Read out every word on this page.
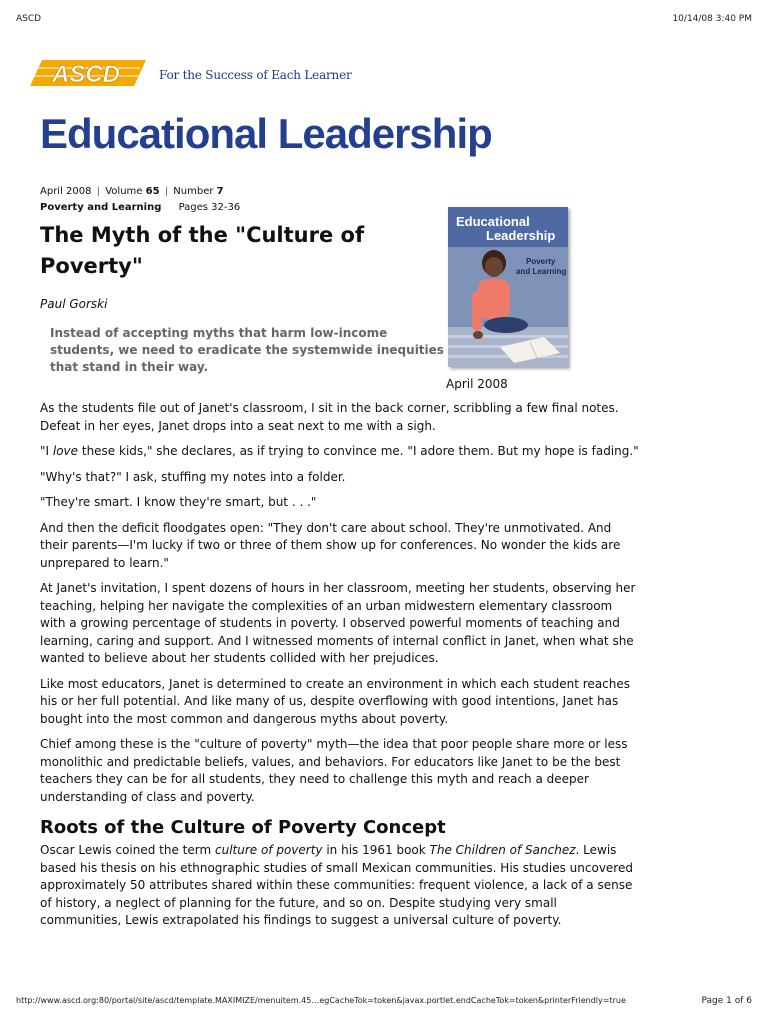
ASCD	10/14/08 3:40 PM
ASCD	For the Success of Each Learner
Educational Leadership
April 2008 | Volume 65 | Number 7
Poverty and Learning Pages 32-36
Educational
Leadership
Poverty
and Learning
April 2008
The Myth of the "Culture of Poverty"
Paul Gorski

Instead of accepting myths that harm low-income students, we need to eradicate the systemwide inequities that stand in their way.

As the students file out of Janet's classroom, I sit in the back corner, scribbling a few final notes. Defeat in her eyes, Janet drops into a seat next to me with a sigh.

"I love these kids," she declares, as if trying to convince me. "I adore them. But my hope is fading."

"Why's that?" I ask, stuffing my notes into a folder.

"They're smart. I know they're smart, but . . ."

And then the deficit floodgates open: "They don't care about school. They're unmotivated. And their parents—I'm lucky if two or three of them show up for conferences. No wonder the kids are unprepared to learn."

At Janet's invitation, I spent dozens of hours in her classroom, meeting her students, observing her teaching, helping her navigate the complexities of an urban midwestern elementary classroom with a growing percentage of students in poverty. I observed powerful moments of teaching and learning, caring and support. And I witnessed moments of internal conflict in Janet, when what she wanted to believe about her students collided with her prejudices.

Like most educators, Janet is determined to create an environment in which each student reaches his or her full potential. And like many of us, despite overflowing with good intentions, Janet has bought into the most common and dangerous myths about poverty.

Chief among these is the "culture of poverty" myth—the idea that poor people share more or less monolithic and predictable beliefs, values, and behaviors. For educators like Janet to be the best teachers they can be for all students, they need to challenge this myth and reach a deeper understanding of class and poverty.

Roots of the Culture of Poverty Concept

Oscar Lewis coined the term culture of poverty in his 1961 book The Children of Sanchez. Lewis based his thesis on his ethnographic studies of small Mexican communities. His studies uncovered approximately 50 attributes shared within these communities: frequent violence, a lack of a sense of history, a neglect of planning for the future, and so on. Despite studying very small communities, Lewis extrapolated his findings to suggest a universal culture of poverty.

http://www.ascd.org:80/portal/site/ascd/template.MAXIMIZE/menuitem.45…egCacheTok=token&javax.portlet.endCacheTok=token&printerFriendly=true	Page 1 of 6
